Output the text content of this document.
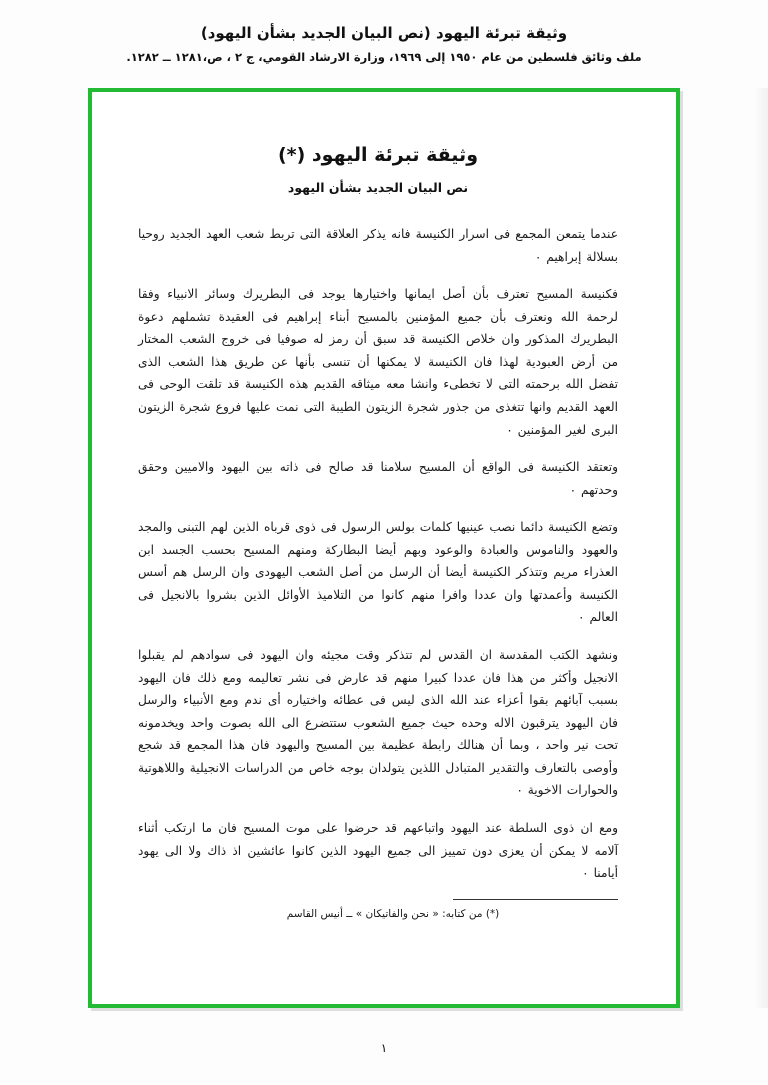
وثيقة تبرئة اليهود (نص البيان الجديد بشأن اليهود)
ملف وثائق فلسطين من عام ١٩٥٠ إلى ١٩٦٩، وزارة الارشاد القومي، ج ٢ ، ص،١٢٨١ ــ ١٢٨٢.
وثيقة تبرئة اليهود (*)
نص البيان الجديد بشأن اليهود

عندما يتمعن المجمع فى اسرار الكنيسة فانه يذكر العلاقة التى تربط شعب العهد الجديد روحيا بسلالة إبراهيم ٠

فكنيسة المسيح تعترف بأن أصل ايمانها واختيارها يوجد فى البطريرك وسائر الانبياء وفقا لرحمة الله ونعترف بأن جميع المؤمنين بالمسيح أبناء إبراهيم فى العقيدة تشملهم دعوة البطريرك المذكور وان خلاص الكنيسة قد سبق أن رمز له صوفيا فى خروج الشعب المختار من أرض العبودية لهذا فان الكنيسة لا يمكنها أن تنسى بأنها عن طريق هذا الشعب الذى تفضل الله برحمته التى لا تخطىء وانشا معه ميثاقه القديم هذه الكنيسة قد تلقت الوحى فى العهد القديم وانها تتغذى من جذور شجرة الزيتون الطيبة التى نمت عليها فروع شجرة الزيتون البرى لغير المؤمنين ٠

وتعتقد الكنيسة فى الواقع أن المسيح سلامنا قد صالح فى ذاته بين اليهود والاميين وحقق وحدتهم ٠

وتضع الكنيسة دائما نصب عينيها كلمات بولس الرسول فى ذوى قرباه الذين لهم التبنى والمجد والعهود والناموس والعبادة والوعود وبهم أيضا البطاركة ومنهم المسيح بحسب الجسد ابن العذراء مريم وتتذكر الكنيسة أيضا أن الرسل من أصل الشعب اليهودى وان الرسل هم أسس الكنيسة وأعمدتها وان عددا وافرا منهم كانوا من التلاميذ الأوائل الذين بشروا بالانجيل فى العالم ٠

ونشهد الكتب المقدسة ان القدس لم تتذكر وقت مجيئه وان اليهود فى سوادهم لم يقبلوا الانجيل وأكثر من هذا فان عددا كبيرا منهم قد عارض فى نشر تعاليمه ومع ذلك فان اليهود بسبب آبائهم بقوا أعزاء عند الله الذى ليس فى عطائه واختياره أى ندم ومع الأنبياء والرسل فان اليهود يترقبون الاله وحده حيث جميع الشعوب ستتضرع الى الله بصوت واحد ويخدمونه تحت نير واحد ، وبما أن هنالك رابطة عظيمة بين المسيح واليهود فان هذا المجمع قد شجع وأوصى بالتعارف والتقدير المتبادل اللذين يتولدان بوجه خاص من الدراسات الانجيلية واللاهوتية والحوارات الاخوية ٠

ومع ان ذوى السلطة عند اليهود واتباعهم قد حرضوا على موت المسيح فان ما ارتكب أثناء آلامه لا يمكن أن يعزى دون تمييز الى جميع اليهود الذين كانوا عائشين اذ ذاك ولا الى يهود أيامنا ٠

(*) من كتابه: « نحن والفاتيكان » ــ أنيس القاسم
١
